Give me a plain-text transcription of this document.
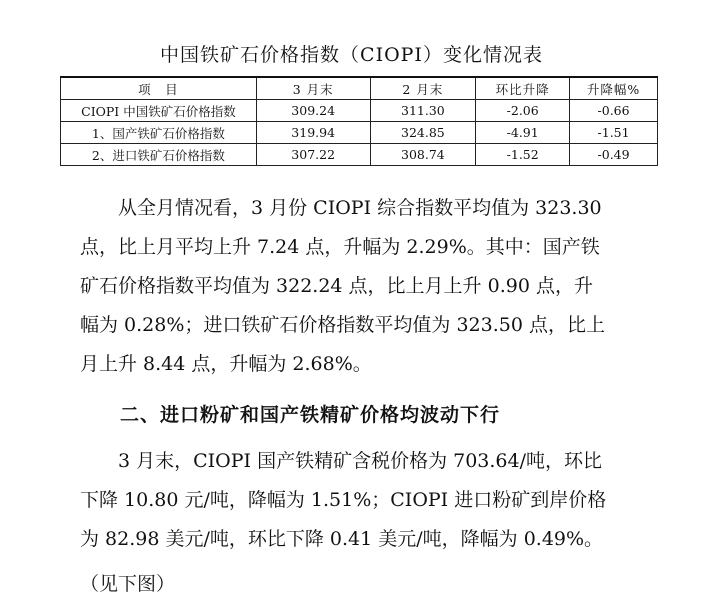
中国铁矿石价格指数（CIOPI）变化情况表
项　目	3 月末	2 月末	环比升降	升降幅%
CIOPI 中国铁矿石价格指数	309.24	311.30	-2.06	-0.66
1、国产铁矿石价格指数	319.94	324.85	-4.91	-1.51
2、进口铁矿石价格指数	307.22	308.74	-1.52	-0.49
　　从全月情况看，3 月份 CIOPI 综合指数平均值为 323.30
点，比上月平均上升 7.24 点，升幅为 2.29%。其中：国产铁
矿石价格指数平均值为 322.24 点，比上月上升 0.90 点，升
幅为 0.28%；进口铁矿石价格指数平均值为 323.50 点，比上
月上升 8.44 点，升幅为 2.68%。
二、进口粉矿和国产铁精矿价格均波动下行
　　3 月末，CIOPI 国产铁精矿含税价格为 703.64/吨，环比
下降 10.80 元/吨，降幅为 1.51%；CIOPI 进口粉矿到岸价格
为 82.98 美元/吨，环比下降 0.41 美元/吨，降幅为 0.49%。
（见下图）
